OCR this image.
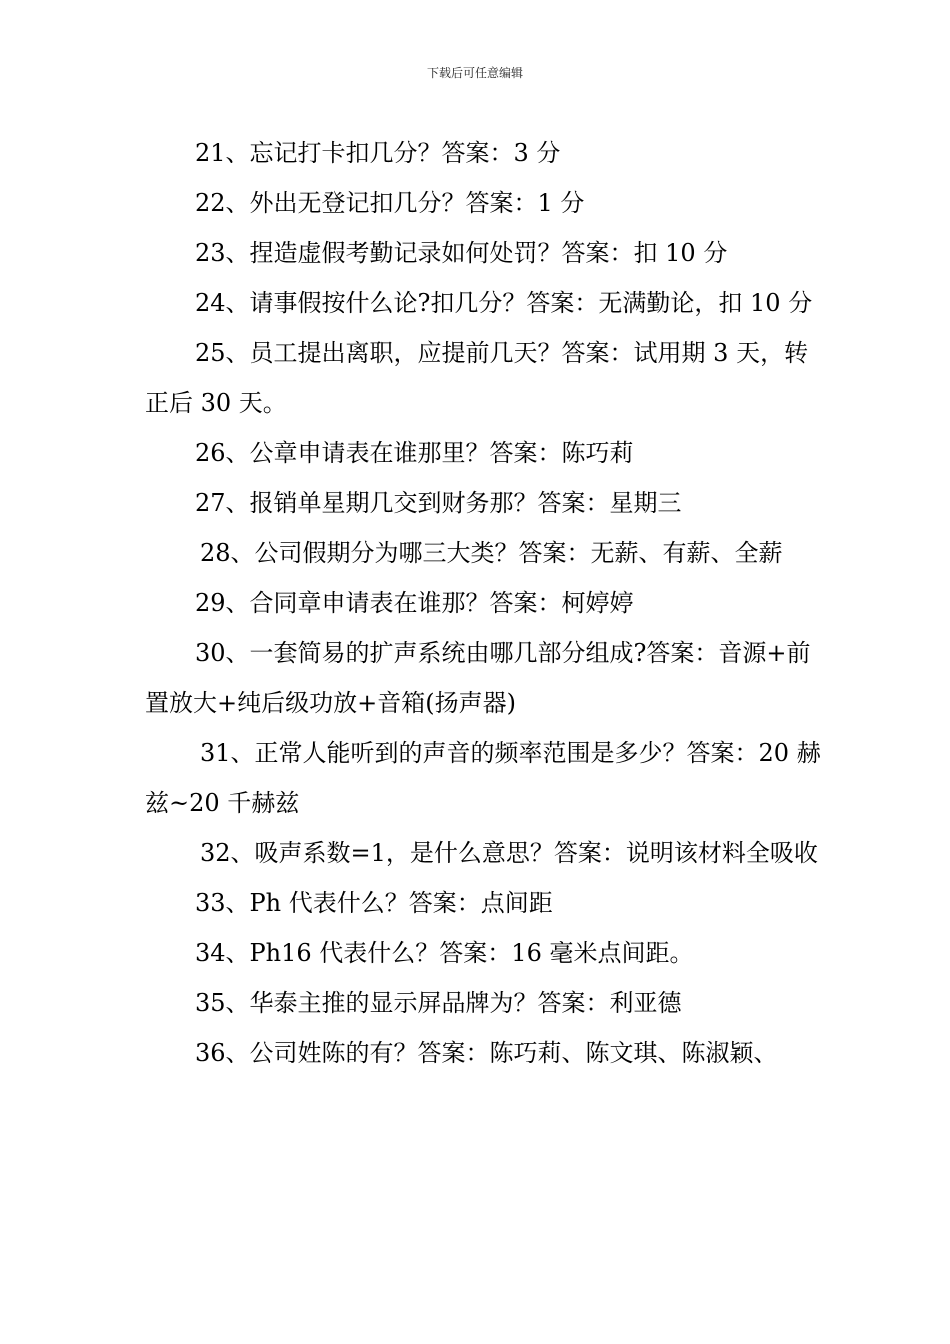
下载后可任意编辑

21、忘记打卡扣几分？答案：3 分

22、外出无登记扣几分？答案：1 分

23、捏造虚假考勤记录如何处罚？答案：扣 10 分

24、请事假按什么论?扣几分？答案：无满勤论，扣 10 分

25、员工提出离职，应提前几天？答案：试用期 3 天，转正后 30 天。

26、公章申请表在谁那里？答案：陈巧莉

27、报销单星期几交到财务那？答案：星期三

28、公司假期分为哪三大类？答案：无薪、有薪、全薪

29、合同章申请表在谁那？答案：柯婷婷

30、一套简易的扩声系统由哪几部分组成?答案：音源+前置放大+纯后级功放+音箱(扬声器)

31、正常人能听到的声音的频率范围是多少？答案：20 赫兹~20 千赫兹

32、吸声系数=1，是什么意思？答案：说明该材料全吸收

33、Ph 代表什么？答案：点间距

34、Ph16 代表什么？答案：16 毫米点间距。

35、华泰主推的显示屏品牌为？答案：利亚德

36、公司姓陈的有？答案：陈巧莉、陈文琪、陈淑颖、
